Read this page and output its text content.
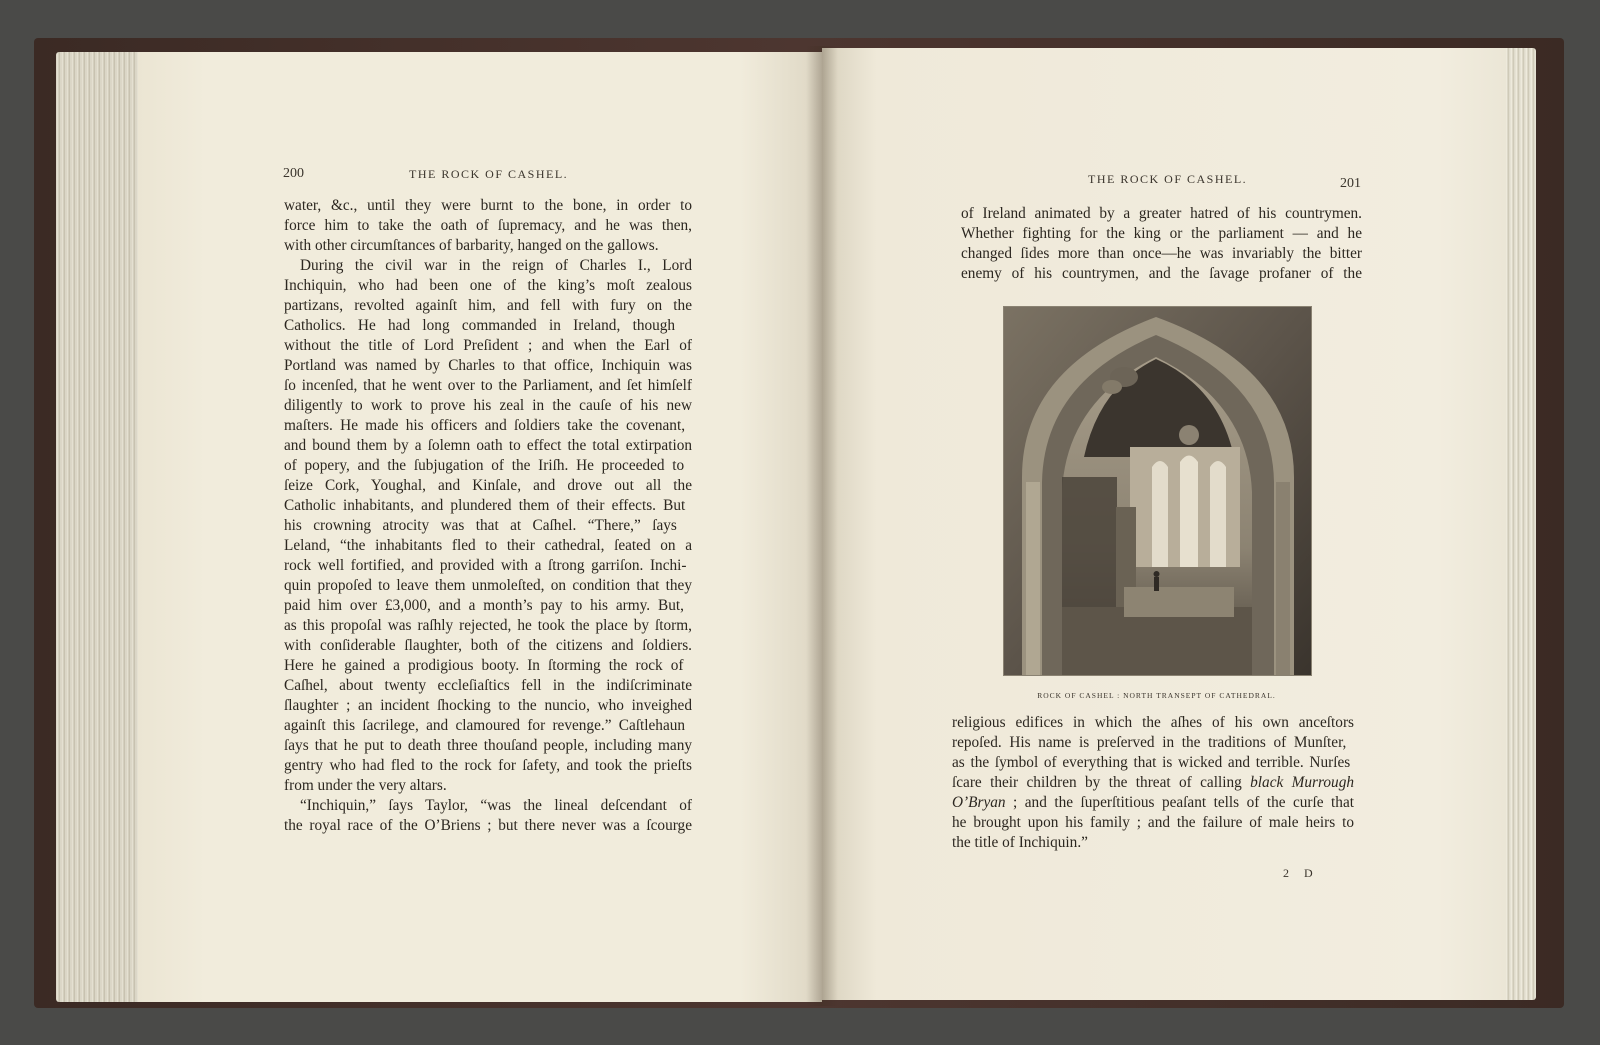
200	THE ROCK OF CASHEL.
water, &c., until they were burnt to the bone, in order to
force him to take the oath of ſupremacy, and he was then,
with other circumſtances of barbarity, hanged on the gallows.
During the civil war in the reign of Charles I., Lord
Inchiquin, who had been one of the king’s moſt zealous
partizans, revolted againſt him, and fell with fury on the
Catholics. He had long commanded in Ireland, though
without the title of Lord Preſident ; and when the Earl of
Portland was named by Charles to that office, Inchiquin was
ſo incenſed, that he went over to the Parliament, and ſet himſelf
diligently to work to prove his zeal in the cauſe of his new
maſters. He made his officers and ſoldiers take the covenant,
and bound them by a ſolemn oath to effect the total extirpation
of popery, and the ſubjugation of the Iriſh. He proceeded to
ſeize Cork, Youghal, and Kinſale, and drove out all the
Catholic inhabitants, and plundered them of their effects. But
his crowning atrocity was that at Caſhel. “There,” ſays
Leland, “the inhabitants fled to their cathedral, ſeated on a
rock well fortified, and provided with a ſtrong garriſon. Inchi-
quin propoſed to leave them unmoleſted, on condition that they
paid him over £3,000, and a month’s pay to his army. But,
as this propoſal was raſhly rejected, he took the place by ſtorm,
with conſiderable ſlaughter, both of the citizens and ſoldiers.
Here he gained a prodigious booty. In ſtorming the rock of
Caſhel, about twenty eccleſiaſtics fell in the indiſcriminate
ſlaughter ; an incident ſhocking to the nuncio, who inveighed
againſt this ſacrilege, and clamoured for revenge.” Caſtlehaun
ſays that he put to death three thouſand people, including many
gentry who had fled to the rock for ſafety, and took the prieſts
from under the very altars.
“Inchiquin,” ſays Taylor, “was the lineal deſcendant of
the royal race of the O’Briens ; but there never was a ſcourge
THE ROCK OF CASHEL.	201
of Ireland animated by a greater hatred of his countrymen.
Whether fighting for the king or the parliament — and he
changed ſides more than once—he was invariably the bitter
enemy of his countrymen, and the ſavage profaner of the
ROCK OF CASHEL : NORTH TRANSEPT OF CATHEDRAL.
religious edifices in which the aſhes of his own anceſtors
repoſed. His name is preſerved in the traditions of Munſter,
as the ſymbol of everything that is wicked and terrible. Nurſes
ſcare their children by the threat of calling black Murrough
O’Bryan ; and the ſuperſtitious peaſant tells of the curſe that
he brought upon his family ; and the failure of male heirs to
the title of Inchiquin.”
2 D
